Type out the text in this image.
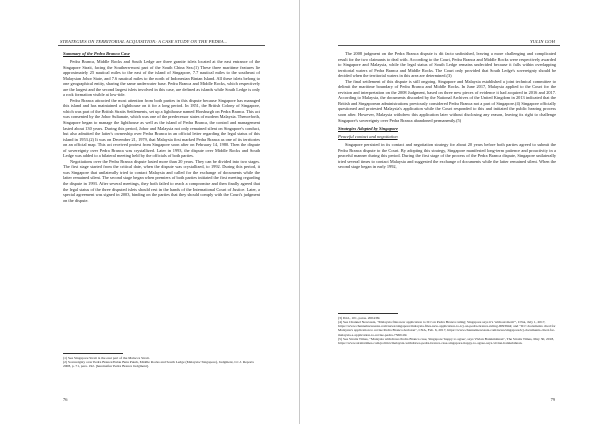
STRATEGIES ON TERRITORIAL ACQUISITION: A CASE STUDY ON THE PEDRA...
Summary of the Pedra Branca Case

Pedra Branca, Middle Rocks and South Ledge are three granite islets located at the east entrance of the Singapore Strait, facing the Southern-most part of the South China Sea.(1) These three maritime features lie approximately 25 nautical miles to the east of the island of Singapore, 7.7 nautical miles to the southeast of Malaysian Johor State, and 7.6 nautical miles to the north of Indonesian Bintan Island. All these islets belong to one geographical entity, sharing the same underwater base. Pedra Branca and Middle Rocks, which respectively are the largest and the second largest islets involved in this case, are defined as islands while South Ledge is only a rock formation visible at low-tide.

Pedra Branca attracted the most attention from both parties in this dispute because Singapore has managed this island and has maintained a lighthouse on it for a long period. In 1851, the British Colony of Singapore, which was part of the British Straits Settlements, set up a lighthouse named Horsburgh on Pedra Branca. This act was consented by the Johor Sultanate, which was one of the predecessor states of modern Malaysia. Thenceforth, Singapore began to manage the lighthouse as well as the island of Pedra Branca, the control and management lasted about 130 years. During this period, Johor and Malaysia not only remained silent on Singapore's conduct, but also admitted the latter's ownership over Pedra Branca in an official letter regarding the legal status of this island in 1953.(2) It was on December 21, 1979, that Malaysia first marked Pedra Branca as one of its territories on an official map. This act received protest from Singapore soon after on February 14, 1980. Then the dispute of sovereignty over Pedra Branca was crystallized. Later in 1993, the dispute over Middle Rocks and South Ledge was added to a bilateral meeting held by the officials of both parties.

Negotiations over the Pedra Branca dispute lasted more than 20 years. They can be divided into two stages. The first stage started from the critical date, when the dispute was crystallized, to 1992. During this period, it was Singapore that unilaterally tried to contact Malaysia and called for the exchange of documents while the latter remained silent. The second stage began when premiers of both parties initiated the first meeting regarding the dispute in 1993. After several meetings, they both failed to reach a compromise and then finally agreed that the legal status of the three disputed islets should rest in the hands of the International Court of Justice. Later, a special agreement was signed in 2003, binding on the parties that they should comply with the Court's judgment on the dispute.

(1) See Singapore Strait is the east part of the Malacca Strait.

(2) Sovereignty over Pedra Branca/Pulau Batu Puteh, Middle Rocks and South Ledge (Malaysia/ Singapore), Judgment, I.C.J. Reports 2008, p. 71, para. 192. [hereinafter Pedra Branca Judgment].

76
YULIN GOH

The 2008 judgment on the Pedra Branca dispute is dit facto unfinished, leaving a more challenging and complicated result for the two claimants to deal with. According to the Court, Pedra Branca and Middle Rocks were respectively awarded to Singapore and Malaysia, while the legal status of South Ledge remains undecided because it falls within overlapping territorial waters of Pedra Branca and Middle Rocks. The Court only provided that South Ledge's sovereignty should be decided when the territorial waters in this area are determined.(3)

The final settlement of this dispute is still ongoing. Singapore and Malaysia established a joint technical committee to delimit the maritime boundary of Pedra Branca and Middle Rocks. In June 2017, Malaysia applied to the Court for the revision and interpretation on the 2008 Judgment, based on three new pieces of evidence it had acquired in 2016 and 2017. According to Malaysia, the documents discarded by the National Archives of the United Kingdom in 2013 indicated that the British and Singaporean administrations previously considered Pedra Branca not a part of Singapore.(4) Singapore officially questioned and protested Malaysia's application while the Court responded to this and initiated the public hearing process soon after. However, Malaysia withdrew this application later without disclosing any reason, leaving its right to challenge Singapore's sovereignty over Pedra Branca abandoned permanently.(5)

Strategies Adopted by Singapore
Peaceful contact and negotiation

Singapore persisted in its contact and negotiation strategy for about 20 years before both parties agreed to submit the Pedra Branca dispute to the Court. By adopting this strategy, Singapore manifested long-term patience and proactivity in a peaceful manner during this period. During the first stage of the process of the Pedra Branca dispute, Singapore unilaterally tried several times to contact Malaysia and suggested the exchange of documents while the latter remained silent. When the second stage began in early 1992,

(3) Ibid., 101, paras. 2004/99.

(4) See Channel Newsasia, "Malaysia files new application to ICJ on Pedra Branca ruling; Singapore says it's 'without merit'", CNA, July 1, 2017, https://www.channelnewsasia.com/news/singapore/malaysia-files-new-application-to-icj-on-pedra-branca-ruling-9093944; and "ICJ: documents cited for Malaysia's application to revise Pedra Branca decision", CNA, Feb. 6, 2017, https://www.channelnewsasia.com/news/singapore/icj-documents-cited-for-malaysia-s-application-to-revise-pedra-7560149.

(5) See Straits Times, "Malaysia withdraws Pedra Branca case, Singapore 'happy to agree', says Vivian Balakrishnan", The Straits Times, May 30, 2018, https://www.straitstimes.com/politics/malaysia-withdraws-pedra-branca-case-singapore-happy-to-agree-says-vivian-balakrishnan.

79
